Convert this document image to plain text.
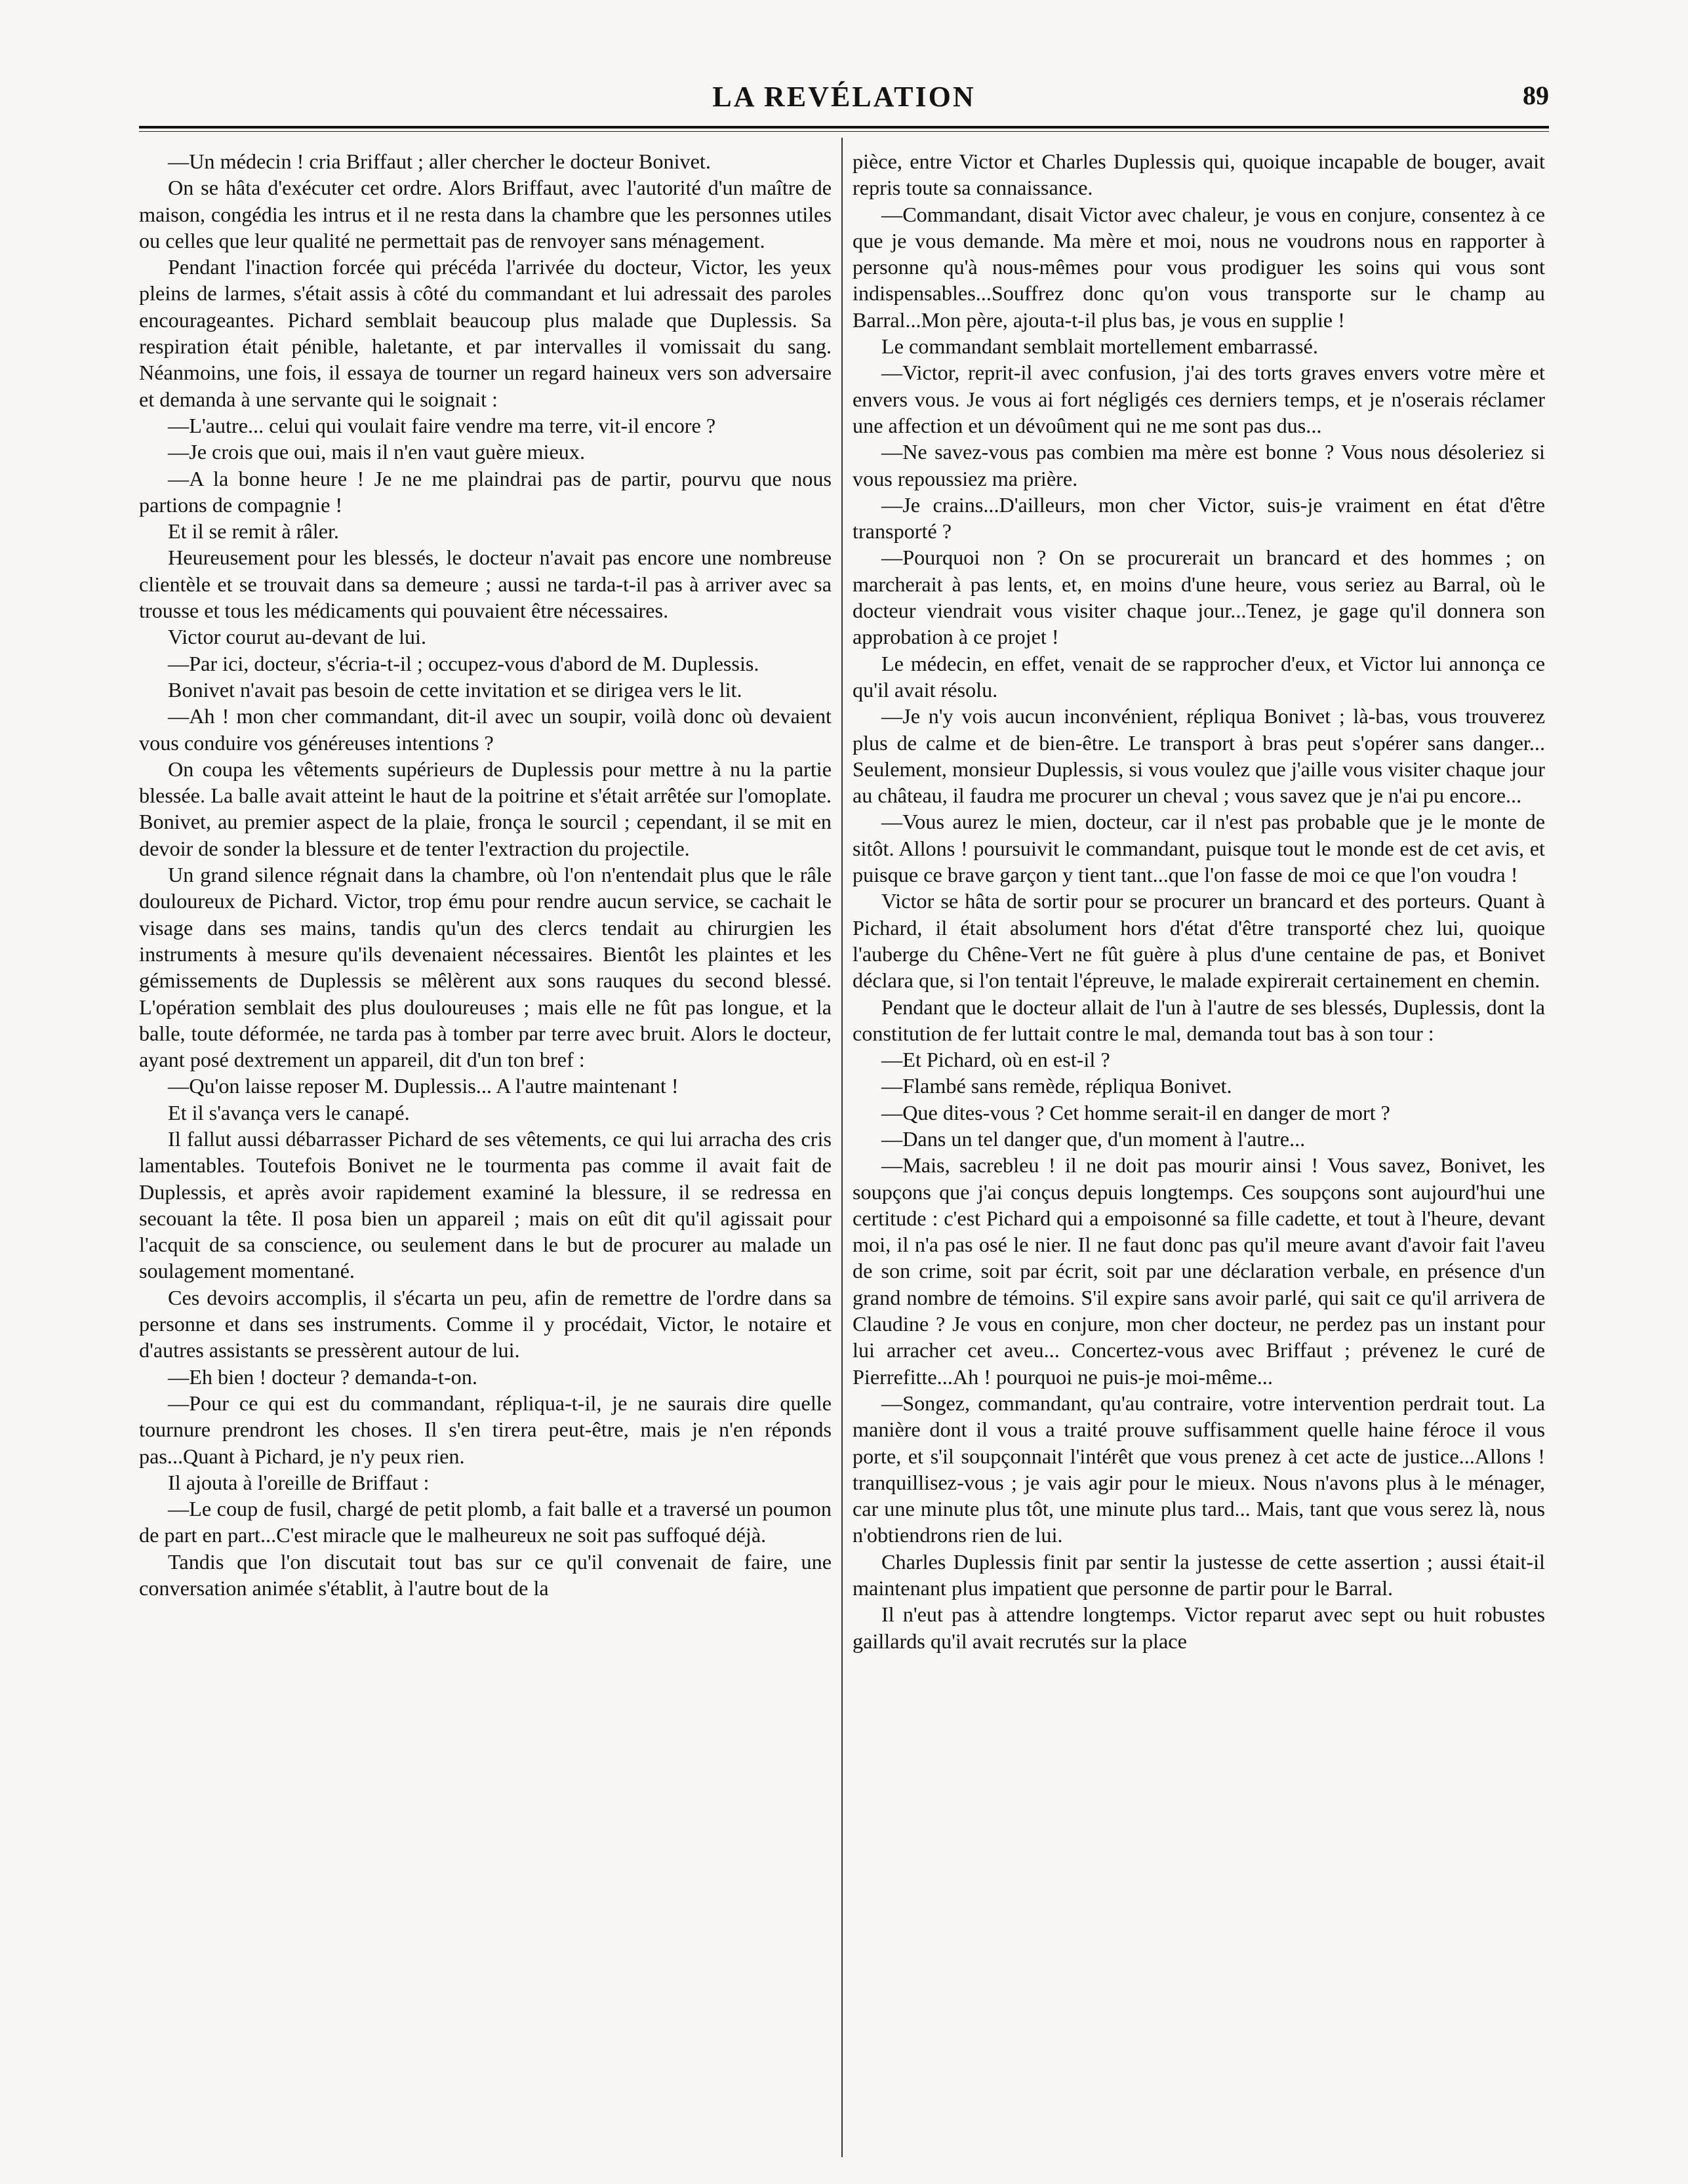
LA REVÉLATION	89

—Un médecin ! cria Briffaut ; aller chercher le docteur Bonivet.

On se hâta d'exécuter cet ordre. Alors Briffaut, avec l'autorité d'un maître de maison, congédia les intrus et il ne resta dans la chambre que les personnes utiles ou celles que leur qualité ne permettait pas de renvoyer sans ménagement.

Pendant l'inaction forcée qui précéda l'arrivée du docteur, Victor, les yeux pleins de larmes, s'était assis à côté du commandant et lui adressait des paroles encourageantes. Pichard semblait beaucoup plus malade que Duplessis. Sa respiration était pénible, haletante, et par intervalles il vomissait du sang. Néanmoins, une fois, il essaya de tourner un regard haineux vers son adversaire et demanda à une servante qui le soignait :

—L'autre... celui qui voulait faire vendre ma terre, vit-il encore ?

—Je crois que oui, mais il n'en vaut guère mieux.

—A la bonne heure ! Je ne me plaindrai pas de partir, pourvu que nous partions de compagnie !

Et il se remit à râler.

Heureusement pour les blessés, le docteur n'avait pas encore une nombreuse clientèle et se trouvait dans sa demeure ; aussi ne tarda-t-il pas à arriver avec sa trousse et tous les médicaments qui pouvaient être nécessaires.

Victor courut au-devant de lui.

—Par ici, docteur, s'écria-t-il ; occupez-vous d'abord de M. Duplessis.

Bonivet n'avait pas besoin de cette invitation et se dirigea vers le lit.

—Ah ! mon cher commandant, dit-il avec un soupir, voilà donc où devaient vous conduire vos généreuses intentions ?

On coupa les vêtements supérieurs de Duplessis pour mettre à nu la partie blessée. La balle avait atteint le haut de la poitrine et s'était arrêtée sur l'omoplate. Bonivet, au premier aspect de la plaie, fronça le sourcil ; cependant, il se mit en devoir de sonder la blessure et de tenter l'extraction du projectile.

Un grand silence régnait dans la chambre, où l'on n'entendait plus que le râle douloureux de Pichard. Victor, trop ému pour rendre aucun service, se cachait le visage dans ses mains, tandis qu'un des clercs tendait au chirurgien les instruments à mesure qu'ils devenaient nécessaires. Bientôt les plaintes et les gémissements de Duplessis se mêlèrent aux sons rauques du second blessé. L'opération semblait des plus douloureuses ; mais elle ne fût pas longue, et la balle, toute déformée, ne tarda pas à tomber par terre avec bruit. Alors le docteur, ayant posé dextrement un appareil, dit d'un ton bref :

—Qu'on laisse reposer M. Duplessis... A l'autre maintenant !

Et il s'avança vers le canapé.

Il fallut aussi débarrasser Pichard de ses vêtements, ce qui lui arracha des cris lamentables. Toutefois Bonivet ne le tourmenta pas comme il avait fait de Duplessis, et après avoir rapidement examiné la blessure, il se redressa en secouant la tête. Il posa bien un appareil ; mais on eût dit qu'il agissait pour l'acquit de sa conscience, ou seulement dans le but de procurer au malade un soulagement momentané.

Ces devoirs accomplis, il s'écarta un peu, afin de remettre de l'ordre dans sa personne et dans ses instruments. Comme il y procédait, Victor, le notaire et d'autres assistants se pressèrent autour de lui.

—Eh bien ! docteur ? demanda-t-on.

—Pour ce qui est du commandant, répliqua-t-il, je ne saurais dire quelle tournure prendront les choses. Il s'en tirera peut-être, mais je n'en réponds pas...Quant à Pichard, je n'y peux rien.

Il ajouta à l'oreille de Briffaut :

—Le coup de fusil, chargé de petit plomb, a fait balle et a traversé un poumon de part en part...C'est miracle que le malheureux ne soit pas suffoqué déjà.

Tandis que l'on discutait tout bas sur ce qu'il convenait de faire, une conversation animée s'établit, à l'autre bout de la

pièce, entre Victor et Charles Duplessis qui, quoique incapable de bouger, avait repris toute sa connaissance.

—Commandant, disait Victor avec chaleur, je vous en conjure, consentez à ce que je vous demande. Ma mère et moi, nous ne voudrons nous en rapporter à personne qu'à nous-mêmes pour vous prodiguer les soins qui vous sont indispensables...Souffrez donc qu'on vous transporte sur le champ au Barral...Mon père, ajouta-t-il plus bas, je vous en supplie !

Le commandant semblait mortellement embarrassé.

—Victor, reprit-il avec confusion, j'ai des torts graves envers votre mère et envers vous. Je vous ai fort négligés ces derniers temps, et je n'oserais réclamer une affection et un dévoûment qui ne me sont pas dus...

—Ne savez-vous pas combien ma mère est bonne ? Vous nous désoleriez si vous repoussiez ma prière.

—Je crains...D'ailleurs, mon cher Victor, suis-je vraiment en état d'être transporté ?

—Pourquoi non ? On se procurerait un brancard et des hommes ; on marcherait à pas lents, et, en moins d'une heure, vous seriez au Barral, où le docteur viendrait vous visiter chaque jour...Tenez, je gage qu'il donnera son approbation à ce projet !

Le médecin, en effet, venait de se rapprocher d'eux, et Victor lui annonça ce qu'il avait résolu.

—Je n'y vois aucun inconvénient, répliqua Bonivet ; là-bas, vous trouverez plus de calme et de bien-être. Le transport à bras peut s'opérer sans danger... Seulement, monsieur Duplessis, si vous voulez que j'aille vous visiter chaque jour au château, il faudra me procurer un cheval ; vous savez que je n'ai pu encore...

—Vous aurez le mien, docteur, car il n'est pas probable que je le monte de sitôt. Allons ! poursuivit le commandant, puisque tout le monde est de cet avis, et puisque ce brave garçon y tient tant...que l'on fasse de moi ce que l'on voudra !

Victor se hâta de sortir pour se procurer un brancard et des porteurs. Quant à Pichard, il était absolument hors d'état d'être transporté chez lui, quoique l'auberge du Chêne-Vert ne fût guère à plus d'une centaine de pas, et Bonivet déclara que, si l'on tentait l'épreuve, le malade expirerait certainement en chemin.

Pendant que le docteur allait de l'un à l'autre de ses blessés, Duplessis, dont la constitution de fer luttait contre le mal, demanda tout bas à son tour :

—Et Pichard, où en est-il ?

—Flambé sans remède, répliqua Bonivet.

—Que dites-vous ? Cet homme serait-il en danger de mort ?

—Dans un tel danger que, d'un moment à l'autre...

—Mais, sacrebleu ! il ne doit pas mourir ainsi ! Vous savez, Bonivet, les soupçons que j'ai conçus depuis longtemps. Ces soupçons sont aujourd'hui une certitude : c'est Pichard qui a empoisonné sa fille cadette, et tout à l'heure, devant moi, il n'a pas osé le nier. Il ne faut donc pas qu'il meure avant d'avoir fait l'aveu de son crime, soit par écrit, soit par une déclaration verbale, en présence d'un grand nombre de témoins. S'il expire sans avoir parlé, qui sait ce qu'il arrivera de Claudine ? Je vous en conjure, mon cher docteur, ne perdez pas un instant pour lui arracher cet aveu... Concertez-vous avec Briffaut ; prévenez le curé de Pierrefitte...Ah ! pourquoi ne puis-je moi-même...

—Songez, commandant, qu'au contraire, votre intervention perdrait tout. La manière dont il vous a traité prouve suffisamment quelle haine féroce il vous porte, et s'il soupçonnait l'intérêt que vous prenez à cet acte de justice...Allons ! tranquillisez-vous ; je vais agir pour le mieux. Nous n'avons plus à le ménager, car une minute plus tôt, une minute plus tard... Mais, tant que vous serez là, nous n'obtiendrons rien de lui.

Charles Duplessis finit par sentir la justesse de cette assertion ; aussi était-il maintenant plus impatient que personne de partir pour le Barral.

Il n'eut pas à attendre longtemps. Victor reparut avec sept ou huit robustes gaillards qu'il avait recrutés sur la place
